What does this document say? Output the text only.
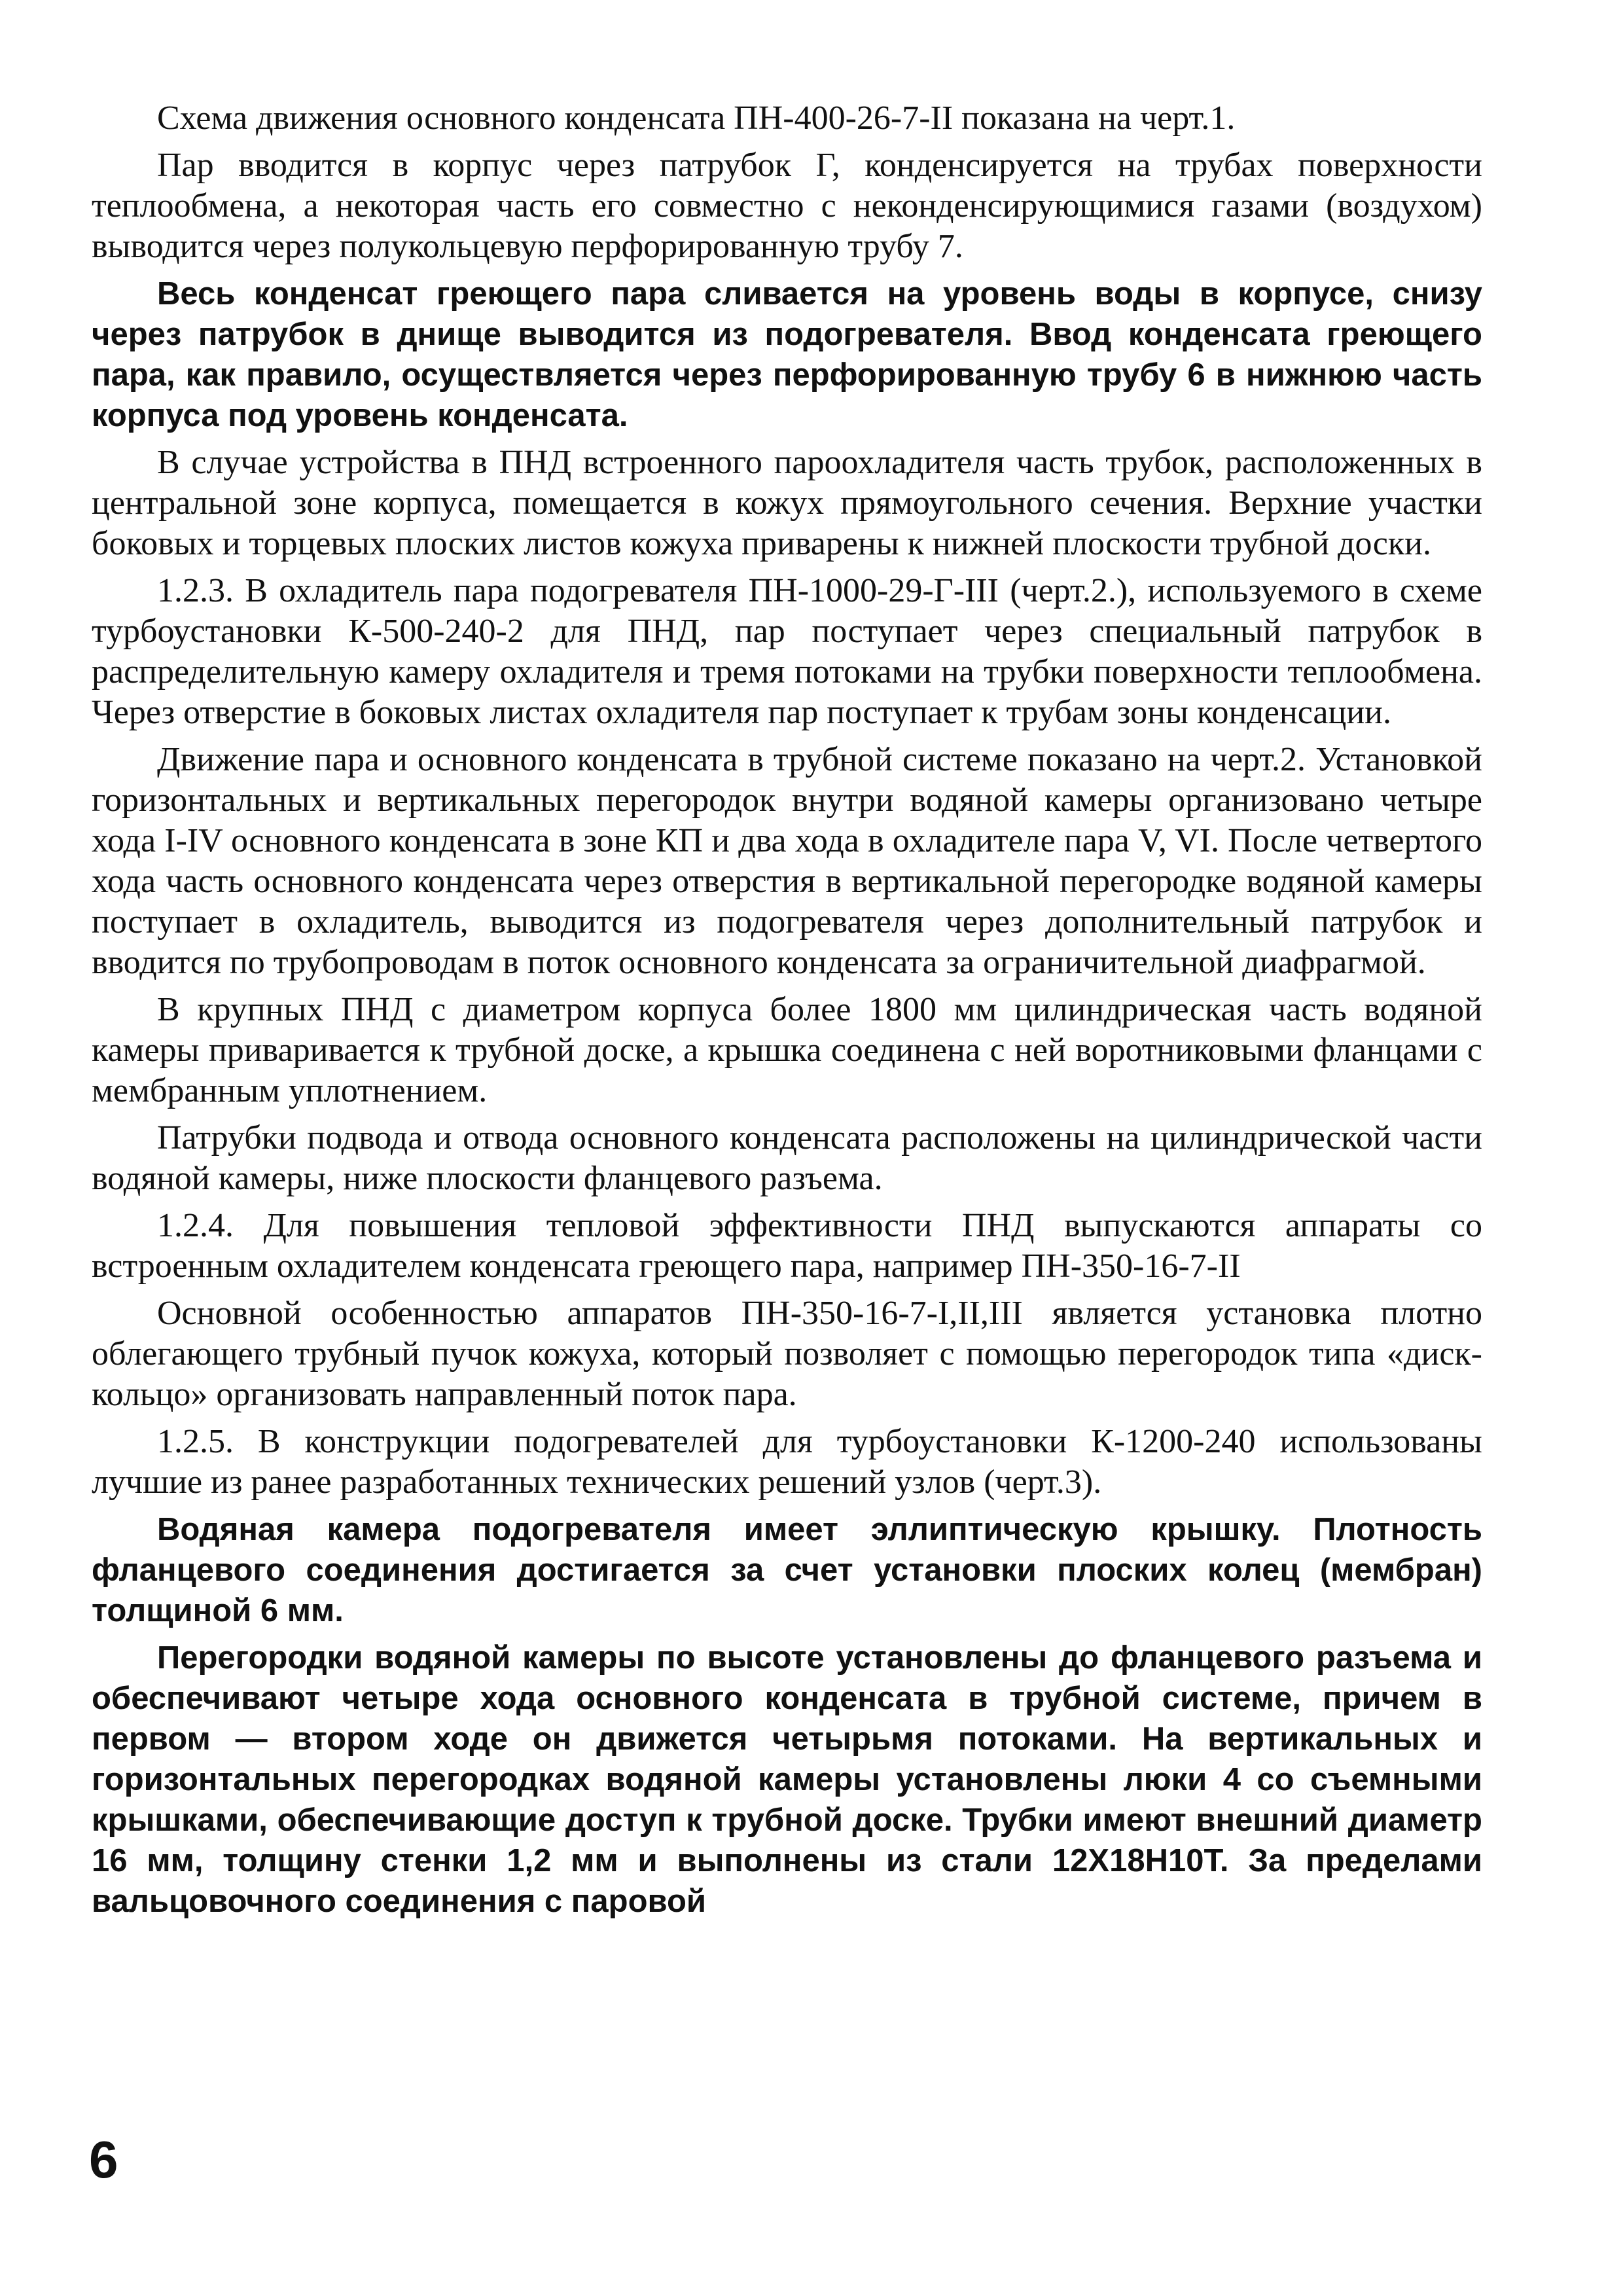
Схема движения основного конденсата ПН-400-26-7-II показана на черт.1.

Пар вводится в корпус через патрубок Г, конденсируется на трубах поверхности теплообмена, а некоторая часть его совместно с неконденсирующимися газами (воздухом) выводится через полукольцевую перфорированную трубу 7.

Весь конденсат греющего пара сливается на уровень воды в корпусе, снизу через патрубок в днище выводится из подогревателя. Ввод конденсата греющего пара, как правило, осуществляется через перфорированную трубу 6 в нижнюю часть корпуса под уровень конденсата.

В случае устройства в ПНД встроенного пароохладителя часть трубок, расположенных в центральной зоне корпуса, помещается в кожух прямоугольного сечения. Верхние участки боковых и торцевых плоских листов кожуха приварены к нижней плоскости трубной доски.

1.2.3. В охладитель пара подогревателя ПН-1000-29-Г-III (черт.2.), используемого в схеме турбоустановки К-500-240-2 для ПНД, пар поступает через специальный патрубок в распределительную камеру охладителя и тремя потоками на трубки поверхности теплообмена. Через отверстие в боковых листах охладителя пар поступает к трубам зоны конденсации.

Движение пара и основного конденсата в трубной системе показано на черт.2. Установкой горизонтальных и вертикальных перегородок внутри водяной камеры организовано четыре хода I-IV основного конденсата в зоне КП и два хода в охладителе пара V, VI. После четвертого хода часть основного конденсата через отверстия в вертикальной перегородке водяной камеры поступает в охладитель, выводится из подогревателя через дополнительный патрубок и вводится по трубопроводам в поток основного конденсата за ограничительной диафрагмой.

В крупных ПНД с диаметром корпуса более 1800 мм цилиндрическая часть водяной камеры приваривается к трубной доске, а крышка соединена с ней воротниковыми фланцами с мембранным уплотнением.

Патрубки подвода и отвода основного конденсата расположены на цилиндрической части водяной камеры, ниже плоскости фланцевого разъема.

1.2.4. Для повышения тепловой эффективности ПНД выпускаются аппараты со встроенным охладителем конденсата греющего пара, например ПН-350-16-7-II

Основной особенностью аппаратов ПН-350-16-7-I,II,III является установка плотно облегающего трубный пучок кожуха, который позволяет с помощью перегородок типа «диск-кольцо» организовать направленный поток пара.

1.2.5. В конструкции подогревателей для турбоустановки К-1200-240 использованы лучшие из ранее разработанных технических решений узлов (черт.3).

Водяная камера подогревателя имеет эллиптическую крышку. Плотность фланцевого соединения достигается за счет установки плоских колец (мембран) толщиной 6 мм.

Перегородки водяной камеры по высоте установлены до фланцевого разъема и обеспечивают четыре хода основного конденсата в трубной системе, причем в первом — втором ходе он движется четырьмя потоками. На вертикальных и горизонтальных перегородках водяной камеры установлены люки 4 со съемными крышками, обеспечивающие доступ к трубной доске. Трубки имеют внешний диаметр 16 мм, толщину стенки 1,2 мм и выполнены из стали 12Х18Н10Т. За пределами вальцовочного соединения с паровой

6
